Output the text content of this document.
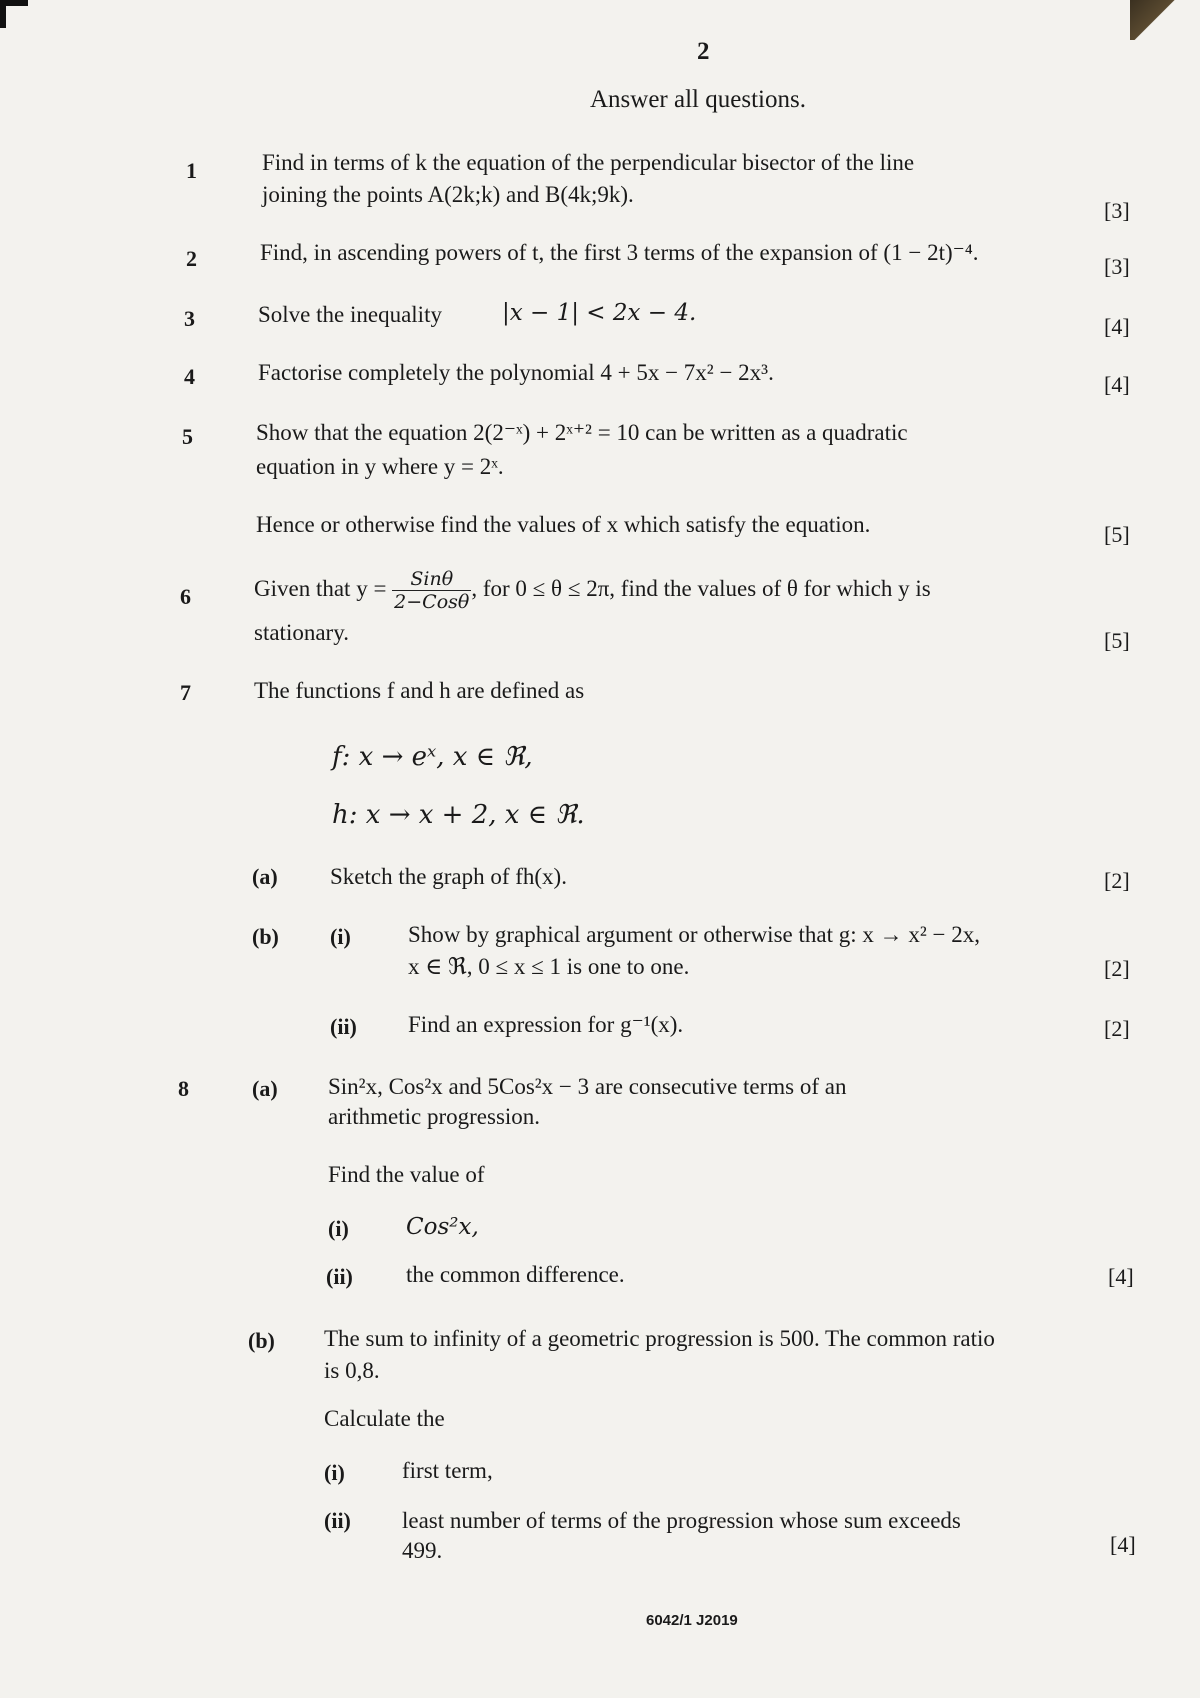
2
Answer all questions.
1	Find in terms of k the equation of the perpendicular bisector of the line
joining the points A(2k;k) and B(4k;9k).
[3]
2	Find, in ascending powers of t, the first 3 terms of the expansion of (1 − 2t)⁻⁴.
[3]
3	Solve the inequality	|x − 1| < 2x − 4.
[4]
4	Factorise completely the polynomial 4 + 5x − 7x² − 2x³.	[4]
5	Show that the equation 2(2⁻ˣ) + 2ˣ⁺² = 10 can be written as a quadratic
equation in y where y = 2ˣ.
Hence or otherwise find the values of x which satisfy the equation.	[5]
6	Given that $y = \frac{\text{Sinθ}}{\text{2−Cosθ}}$ , for 0 ≤ θ ≤ 2π, find the values of θ for which y is
stationary.	[5]
7	The functions f and h are defined as
f: x → eˣ, x ∈ ℜ,
h: x → x + 2, x ∈ ℜ.
(a) Sketch the graph of fh(x).	[2]
(b) (i) Show by graphical argument or otherwise that g: x → x² − 2x,
x ∈ ℜ, 0 ≤ x ≤ 1 is one to one.	[2]
(ii) Find an expression for g⁻¹(x).	[2]
8	(a) Sin²x, Cos²x and 5Cos²x − 3 are consecutive terms of an
arithmetic progression.
Find the value of
(i) Cos²x,
(ii) the common difference.	[4]
(b) The sum to infinity of a geometric progression is 500. The common ratio
is 0,8.
Calculate the
(i) first term,
(ii) least number of terms of the progression whose sum exceeds
499.	[4]
6042/1 J2019
